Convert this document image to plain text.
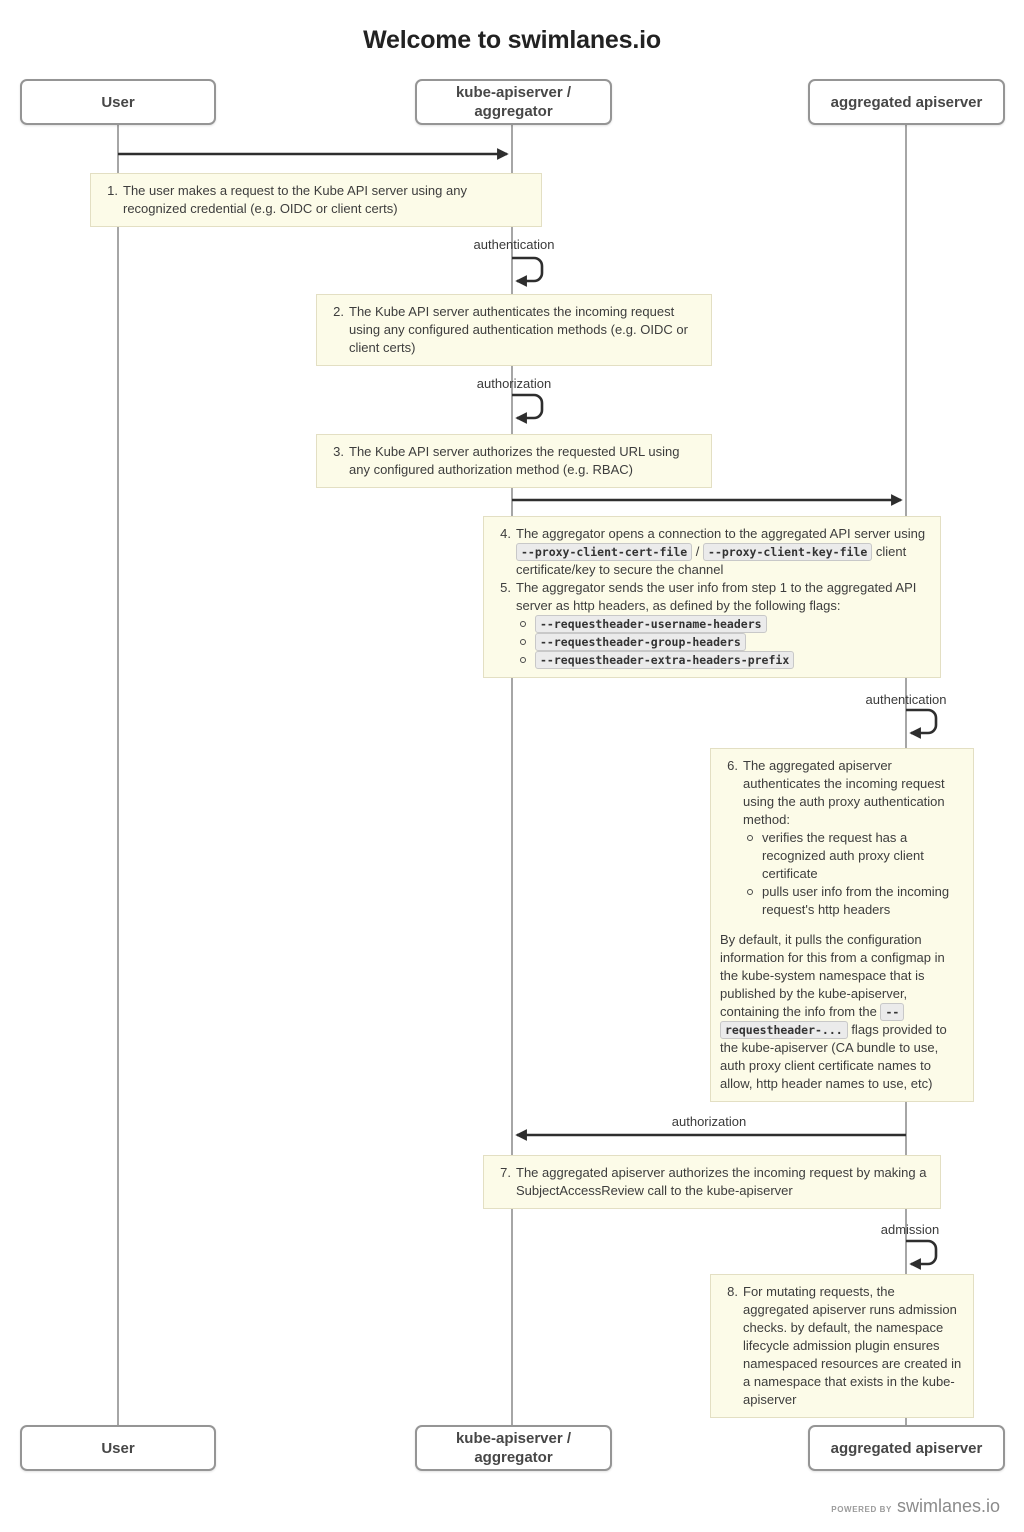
Welcome to swimlanes.io
User
kube-apiserver /
aggregator
aggregated apiserver
authentication
authorization
authentication
authorization
admission
1. The user makes a request to the Kube API server using any recognized credential (e.g. OIDC or client certs)
2. The Kube API server authenticates the incoming request using any configured authentication methods (e.g. OIDC or client certs)
3. The Kube API server authorizes the requested URL using any configured authorization method (e.g. RBAC)
4. The aggregator opens a connection to the aggregated API server using --proxy-client-cert-file / --proxy-client-key-file client certificate/key to secure the channel
5. The aggregator sends the user info from step 1 to the aggregated API server as http headers, as defined by the following flags:
--requestheader-username-headers
--requestheader-group-headers
--requestheader-extra-headers-prefix
6. The aggregated apiserver authenticates the incoming request using the auth proxy authentication method:
verifies the request has a recognized auth proxy client certificate
pulls user info from the incoming request's http headers
By default, it pulls the configuration information for this from a configmap in the kube-system namespace that is published by the kube-apiserver, containing the info from the --requestheader-... flags provided to the kube-apiserver (CA bundle to use, auth proxy client certificate names to allow, http header names to use, etc)
7. The aggregated apiserver authorizes the incoming request by making a SubjectAccessReview call to the kube-apiserver
8. For mutating requests, the aggregated apiserver runs admission checks. by default, the namespace lifecycle admission plugin ensures namespaced resources are created in a namespace that exists in the kube-apiserver
User
kube-apiserver /
aggregator
aggregated apiserver
POWERED BY swimlanes.io
